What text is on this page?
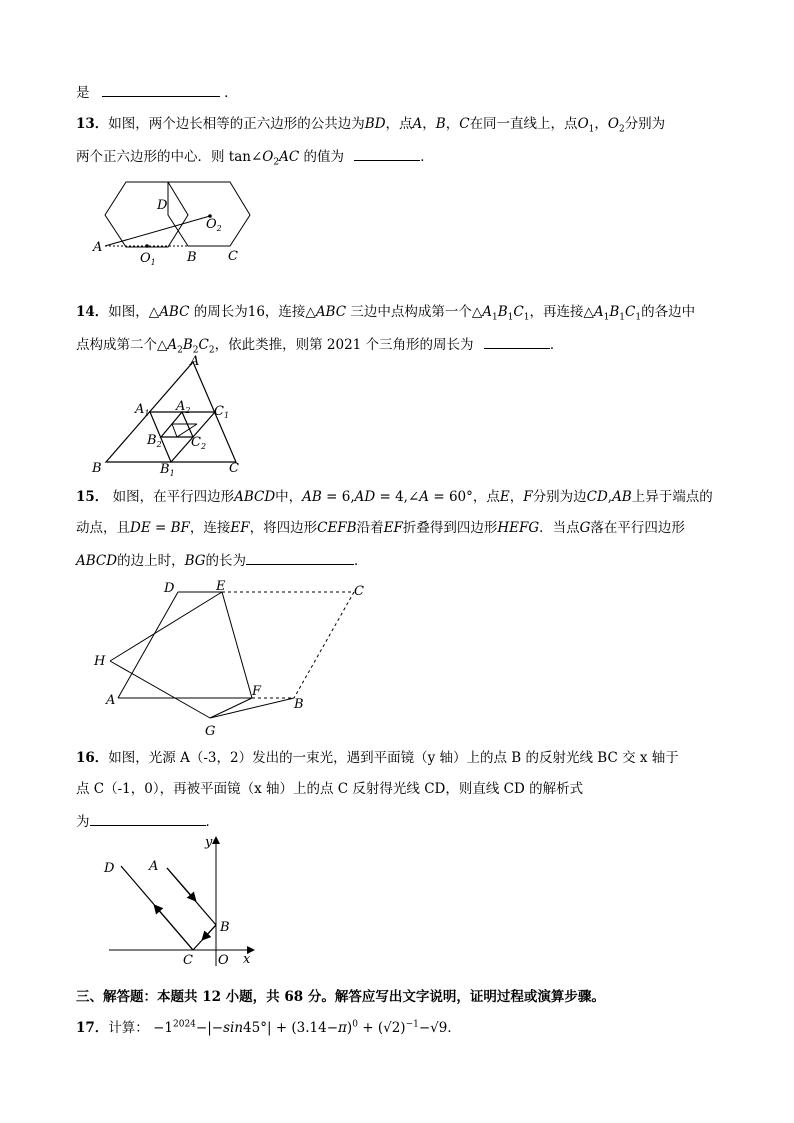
是	．
13．如图，两个边长相等的正六边形的公共边为BD，点A，B，C在同一直线上，点$O_1$，$O_2$分别为
两个正六边形的中心．则 $\tan\angle O_2AC$ 的值为	．
A
D
B C
$O_1$
$O_2$
14．如图，△ABC 的周长为16，连接△ABC 三边中点构成第一个$\triangle A_1B_1C_1$，再连接$\triangle A_1B_1C_1$的各边中
点构成第二个$\triangle A_2B_2C_2$，依此类推，则第 2021 个三角形的周长为	．
A
B	C
$A_1$ $A_2$ $C_1$
$B_2$ $C_2$
$B_1$
15． 如图，在平行四边形ABCD中，AB = 6,AD = 4,∠A = 60°，点E，F分别为边CD,AB上异于端点的
动点，且DE = BF，连接EF，将四边形CEFB沿着EF折叠得到四边形HEFG．当点G落在平行四边形
ABCD的边上时，BG的长为	．
D	E	C
H
A
F
B
G
16．如图，光源 A（-3，2）发出的一束光，遇到平面镜（y 轴）上的点 B 的反射光线 BC 交 x 轴于
点 C（-1，0），再被平面镜（x 轴）上的点 C 反射得光线 CD，则直线 CD 的解析式
为	．
y
x
O
A
B
C
D
三、解答题：本题共 12 小题，共 68 分。解答应写出文字说明，证明过程或演算步骤。
17．计算： $-1^{2024}-|-\sin 45^\circ| + (3.14-\pi)^0 + (√2)^{-1}-√9$．
